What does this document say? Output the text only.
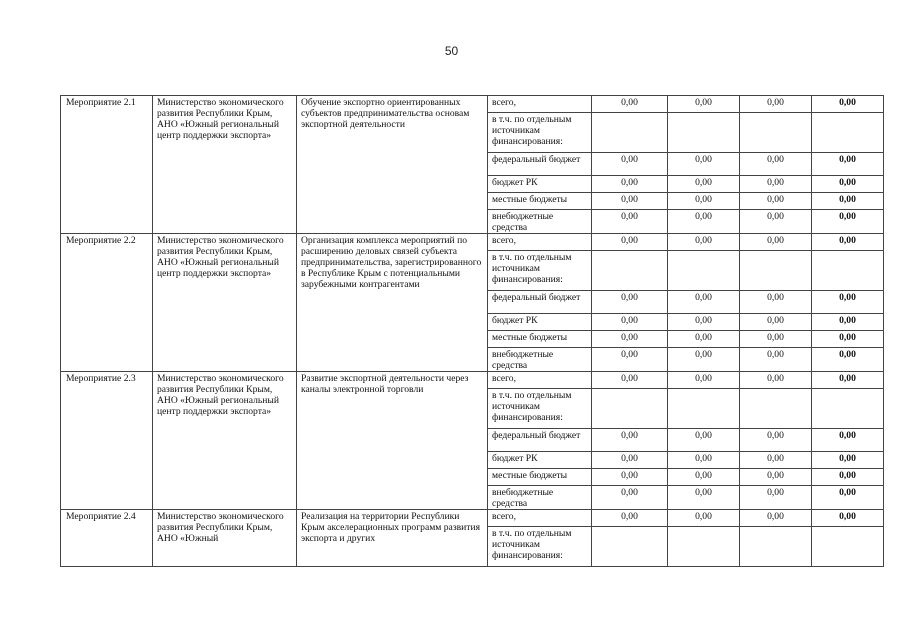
50
Мероприятие 2.1	Министерство экономического развития Республики Крым, АНО «Южный региональный центр поддержки экспорта»	Обучение экспортно ориентированных субъектов предпринимательства основам экспортной деятельности	всего,	0,00	0,00	0,00	0,00
			в т.ч. по отдельным источникам финансирования:				
			федеральный бюджет	0,00	0,00	0,00	0,00
			бюджет РК	0,00	0,00	0,00	0,00
			местные бюджеты	0,00	0,00	0,00	0,00
			внебюджетные средства	0,00	0,00	0,00	0,00
Мероприятие 2.2	Министерство экономического развития Республики Крым, АНО «Южный региональный центр поддержки экспорта»	Организация комплекса мероприятий по расширению деловых связей субъекта предпринимательства, зарегистрированного в Республике Крым с потенциальными зарубежными контрагентами	всего,	0,00	0,00	0,00	0,00
			в т.ч. по отдельным источникам финансирования:				
			федеральный бюджет	0,00	0,00	0,00	0,00
			бюджет РК	0,00	0,00	0,00	0,00
			местные бюджеты	0,00	0,00	0,00	0,00
			внебюджетные средства	0,00	0,00	0,00	0,00
Мероприятие 2.3	Министерство экономического развития Республики Крым, АНО «Южный региональный центр поддержки экспорта»	Развитие экспортной деятельности через каналы электронной торговли	всего,	0,00	0,00	0,00	0,00
			в т.ч. по отдельным источникам финансирования:				
			федеральный бюджет	0,00	0,00	0,00	0,00
			бюджет РК	0,00	0,00	0,00	0,00
			местные бюджеты	0,00	0,00	0,00	0,00
			внебюджетные средства	0,00	0,00	0,00	0,00
Мероприятие 2.4	Министерство экономического развития Республики Крым, АНО «Южный	Реализация на территории Республики Крым акселерационных программ развития экспорта и других	всего,	0,00	0,00	0,00	0,00
			в т.ч. по отдельным источникам финансирования:				
